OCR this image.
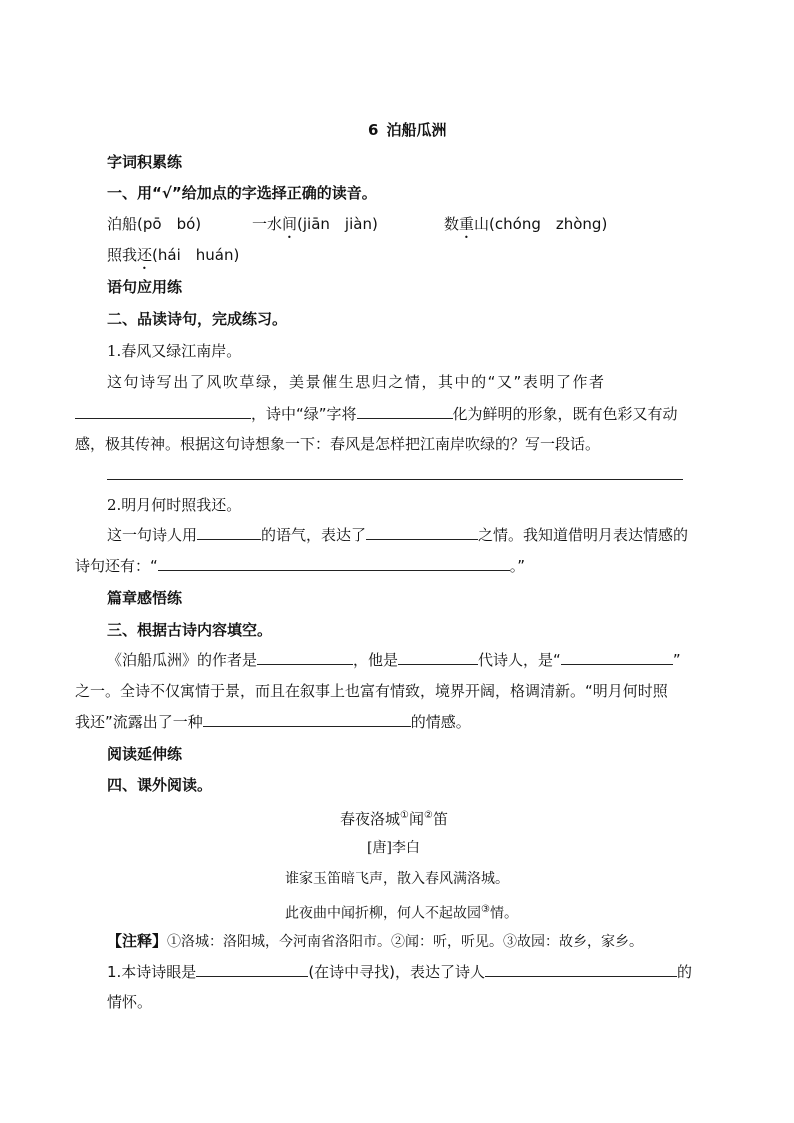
6 泊船瓜洲
字词积累练
一、用“√”给加点的字选择正确的读音。
泊船(pō　bó)	一水间(jiān　jiàn)	数重山(chóng　zhòng)
照我还(hái　huán)
语句应用练
二、品读诗句，完成练习。
1.春风又绿江南岸。
这句诗写出了风吹草绿，美景催生思归之情，其中的“又”表明了作者
，诗中“绿”字将	化为鲜明的形象，既有色彩又有动
感，极其传神。根据这句诗想象一下：春风是怎样把江南岸吹绿的？写一段话。
2.明月何时照我还。
这一句诗人用	的语气，表达了	之情。我知道借明月表达情感的
诗句还有：“	。”
篇章感悟练
三、根据古诗内容填空。
《泊船瓜洲》的作者是	，他是	代诗人，是“	”
之一。全诗不仅寓情于景，而且在叙事上也富有情致，境界开阔，格调清新。“明月何时照
我还”流露出了一种	的情感。
阅读延伸练
四、课外阅读。
春夜洛城①闻②笛
[唐]李白
谁家玉笛暗飞声，散入春风满洛城。
此夜曲中闻折柳，何人不起故园③情。
【注释】①洛城：洛阳城，今河南省洛阳市。②闻：听，听见。③故园：故乡，家乡。
1.本诗诗眼是	(在诗中寻找)，表达了诗人	的
情怀。
